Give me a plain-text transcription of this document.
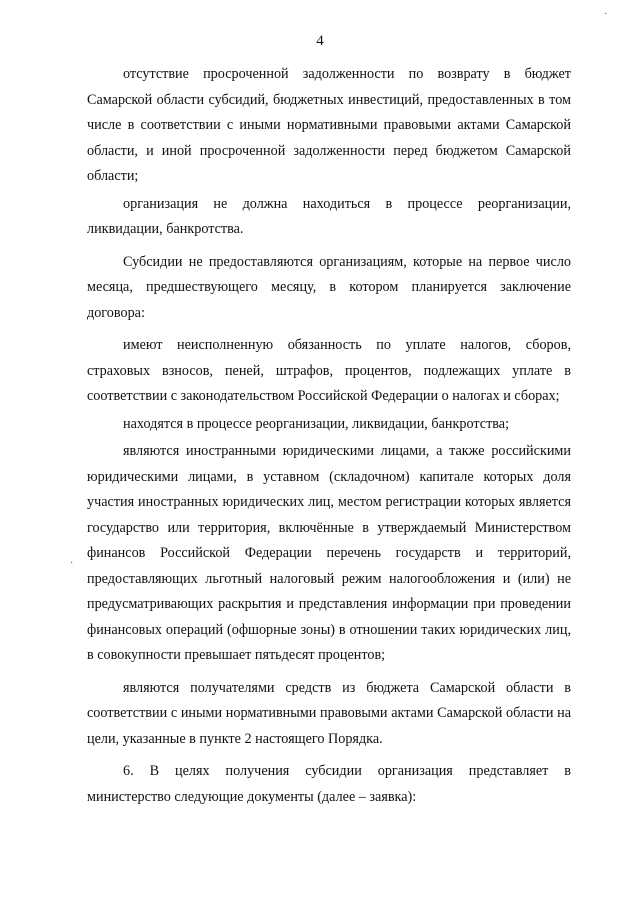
·
·
4

отсутствие просроченной задолженности по возврату в бюджет Самарской области субсидий, бюджетных инвестиций, предоставленных в том числе в соответствии с иными нормативными правовыми актами Самарской области, и иной просроченной задолженности перед бюджетом Самарской области;

организация не должна находиться в процессе реорганизации, ликвидации, банкротства.

Субсидии не предоставляются организациям, которые на первое число месяца, предшествующего месяцу, в котором планируется заключение договора:

имеют неисполненную обязанность по уплате налогов, сборов, страховых взносов, пеней, штрафов, процентов, подлежащих уплате в соответствии с законодательством Российской Федерации о налогах и сборах;

находятся в процессе реорганизации, ликвидации, банкротства;

являются иностранными юридическими лицами, а также российскими юридическими лицами, в уставном (складочном) капитале которых доля участия иностранных юридических лиц, местом регистрации которых является государство или территория, включённые в утверждаемый Министерством финансов Российской Федерации перечень государств и территорий, предоставляющих льготный налоговый режим налогообложения и (или) не предусматривающих раскрытия и представления информации при проведении финансовых операций (офшорные зоны) в отношении таких юридических лиц, в совокупности превышает пятьдесят процентов;

являются получателями средств из бюджета Самарской области в соответствии с иными нормативными правовыми актами Самарской области на цели, указанные в пункте 2 настоящего Порядка.

6. В целях получения субсидии организация представляет в министерство следующие документы (далее – заявка):
